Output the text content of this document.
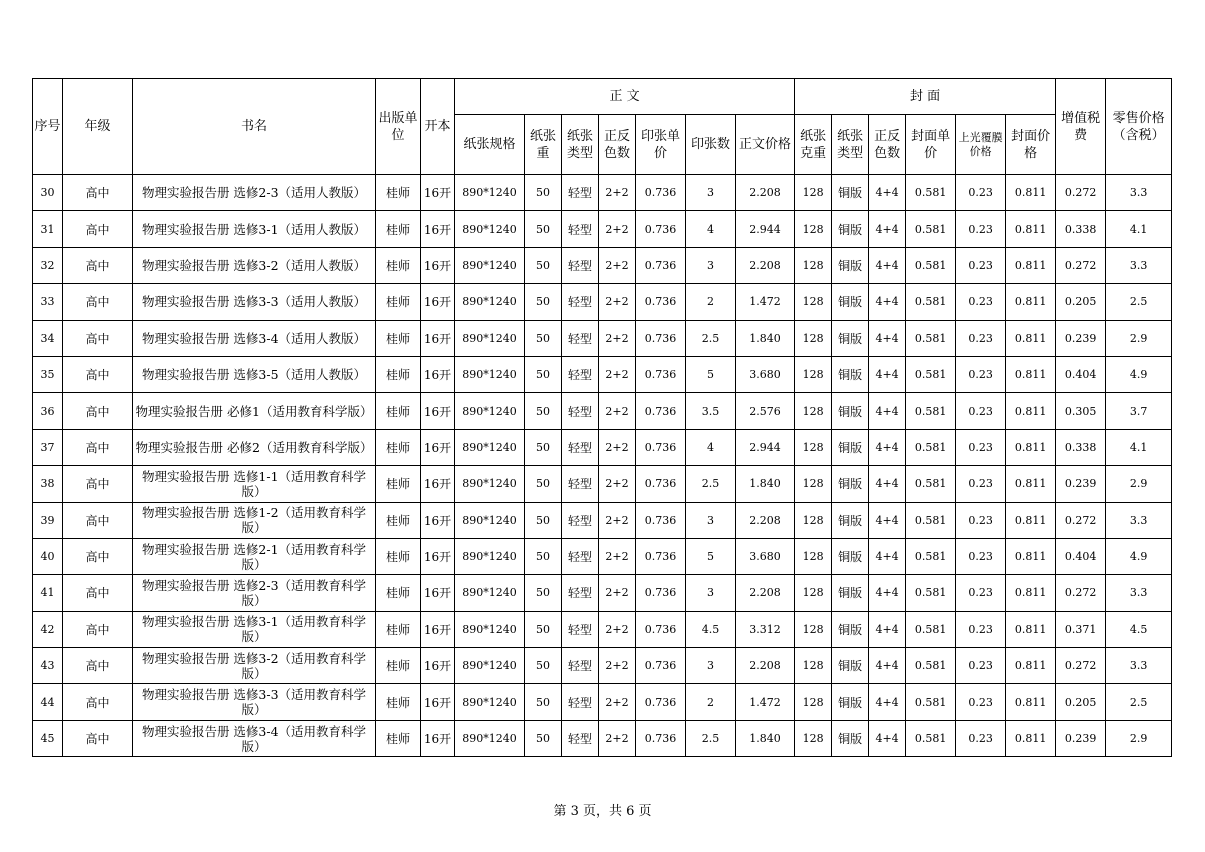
序号	年级	书名	出版单位	开本	正 文							封 面						增值税费	零售价格（含税）
					纸张规格	纸张重	纸张类型	正反色数	印张单价	印张数	正文价格	纸张克重	纸张类型	正反色数	封面单价	上光覆膜价格	封面价格		
30	高中	物理实验报告册 选修2-3（适用人教版）	桂师	16开	890*1240	50	轻型	2+2	0.736	3	2.208	128	铜版	4+4	0.581	0.23	0.811	0.272	3.3
31	高中	物理实验报告册 选修3-1（适用人教版）	桂师	16开	890*1240	50	轻型	2+2	0.736	4	2.944	128	铜版	4+4	0.581	0.23	0.811	0.338	4.1
32	高中	物理实验报告册 选修3-2（适用人教版）	桂师	16开	890*1240	50	轻型	2+2	0.736	3	2.208	128	铜版	4+4	0.581	0.23	0.811	0.272	3.3
33	高中	物理实验报告册 选修3-3（适用人教版）	桂师	16开	890*1240	50	轻型	2+2	0.736	2	1.472	128	铜版	4+4	0.581	0.23	0.811	0.205	2.5
34	高中	物理实验报告册 选修3-4（适用人教版）	桂师	16开	890*1240	50	轻型	2+2	0.736	2.5	1.840	128	铜版	4+4	0.581	0.23	0.811	0.239	2.9
35	高中	物理实验报告册 选修3-5（适用人教版）	桂师	16开	890*1240	50	轻型	2+2	0.736	5	3.680	128	铜版	4+4	0.581	0.23	0.811	0.404	4.9
36	高中	物理实验报告册 必修1（适用教育科学版）	桂师	16开	890*1240	50	轻型	2+2	0.736	3.5	2.576	128	铜版	4+4	0.581	0.23	0.811	0.305	3.7
37	高中	物理实验报告册 必修2（适用教育科学版）	桂师	16开	890*1240	50	轻型	2+2	0.736	4	2.944	128	铜版	4+4	0.581	0.23	0.811	0.338	4.1
38	高中	物理实验报告册 选修1-1（适用教育科学版）	桂师	16开	890*1240	50	轻型	2+2	0.736	2.5	1.840	128	铜版	4+4	0.581	0.23	0.811	0.239	2.9
39	高中	物理实验报告册 选修1-2（适用教育科学版）	桂师	16开	890*1240	50	轻型	2+2	0.736	3	2.208	128	铜版	4+4	0.581	0.23	0.811	0.272	3.3
40	高中	物理实验报告册 选修2-1（适用教育科学版）	桂师	16开	890*1240	50	轻型	2+2	0.736	5	3.680	128	铜版	4+4	0.581	0.23	0.811	0.404	4.9
41	高中	物理实验报告册 选修2-3（适用教育科学版）	桂师	16开	890*1240	50	轻型	2+2	0.736	3	2.208	128	铜版	4+4	0.581	0.23	0.811	0.272	3.3
42	高中	物理实验报告册 选修3-1（适用教育科学版）	桂师	16开	890*1240	50	轻型	2+2	0.736	4.5	3.312	128	铜版	4+4	0.581	0.23	0.811	0.371	4.5
43	高中	物理实验报告册 选修3-2（适用教育科学版）	桂师	16开	890*1240	50	轻型	2+2	0.736	3	2.208	128	铜版	4+4	0.581	0.23	0.811	0.272	3.3
44	高中	物理实验报告册 选修3-3（适用教育科学版）	桂师	16开	890*1240	50	轻型	2+2	0.736	2	1.472	128	铜版	4+4	0.581	0.23	0.811	0.205	2.5
45	高中	物理实验报告册 选修3-4（适用教育科学版）	桂师	16开	890*1240	50	轻型	2+2	0.736	2.5	1.840	128	铜版	4+4	0.581	0.23	0.811	0.239	2.9
第 3 页，共 6 页
